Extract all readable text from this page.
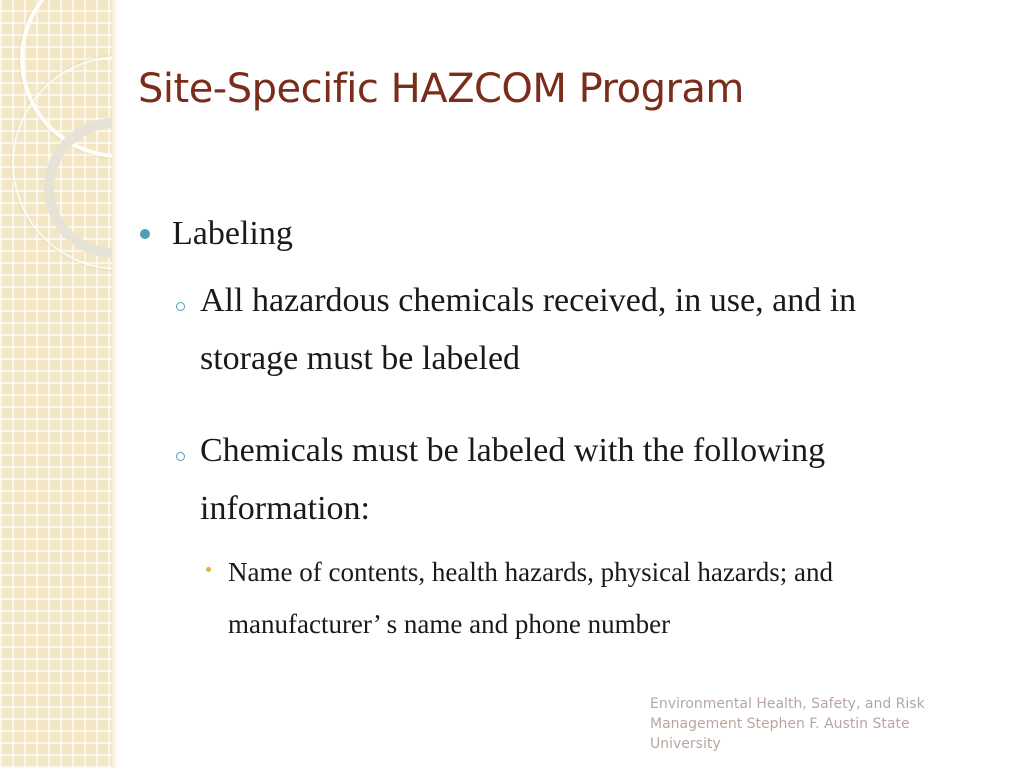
Site-Specific HAZCOM Program
Labeling
All hazardous chemicals received, in use, and in storage must be labeled
Chemicals must be labeled with the following information:
Name of contents, health hazards, physical hazards; and manufacturer’ s name and phone number
Environmental Health, Safety, and Risk Management Stephen F. Austin State University
